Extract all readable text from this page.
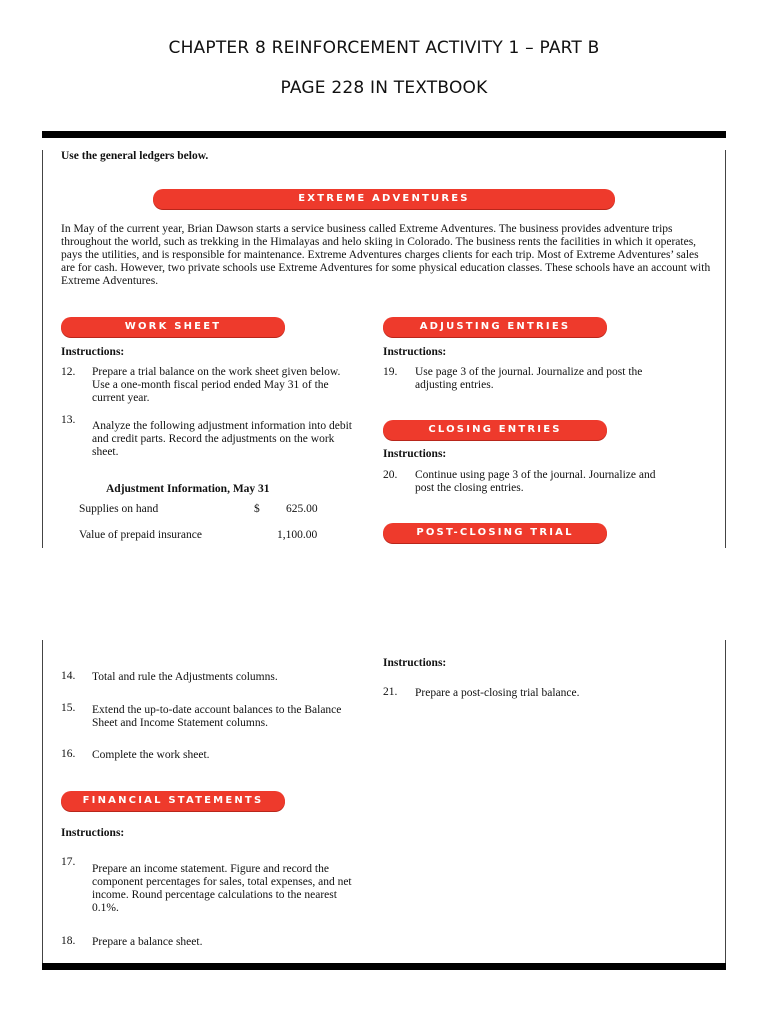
CHAPTER 8 REINFORCEMENT ACTIVITY 1 – PART B
PAGE 228 IN TEXTBOOK
Use the general ledgers below.
EXTREME ADVENTURES
In May of the current year, Brian Dawson starts a service business called Extreme Adventures. The business provides adventure trips throughout the world, such as trekking in the Himalayas and helo skiing in Colorado. The business rents the facilities in which it operates, pays the utilities, and is responsible for maintenance. Extreme Adventures charges clients for each trip. Most of Extreme Adventures’ sales are for cash. However, two private schools use Extreme Adventures for some physical education classes. These schools have an account with Extreme Adventures.
WORK SHEET
Instructions:
12. Prepare a trial balance on the work sheet given below. Use a one-month fiscal period ended May 31 of the current year.
13. Analyze the following adjustment information into debit and credit parts. Record the adjustments on the work sheet.
Adjustment Information, May 31
Supplies on hand	$ 625.00
Value of prepaid insurance	1,100.00
ADJUSTING ENTRIES
Instructions:
19. Use page 3 of the journal. Journalize and post the adjusting entries.
CLOSING ENTRIES
Instructions:
20. Continue using page 3 of the journal. Journalize and post the closing entries.
POST-CLOSING TRIAL BALANCE
Instructions:
21. Prepare a post-closing trial balance.
14. Total and rule the Adjustments columns.
15. Extend the up-to-date account balances to the Balance Sheet and Income Statement columns.
16. Complete the work sheet.
FINANCIAL STATEMENTS
Instructions:
17.
Prepare an income statement. Figure and record the component percentages for sales, total expenses, and net income. Round percentage calculations to the nearest 0.1%.
18. Prepare a balance sheet.
